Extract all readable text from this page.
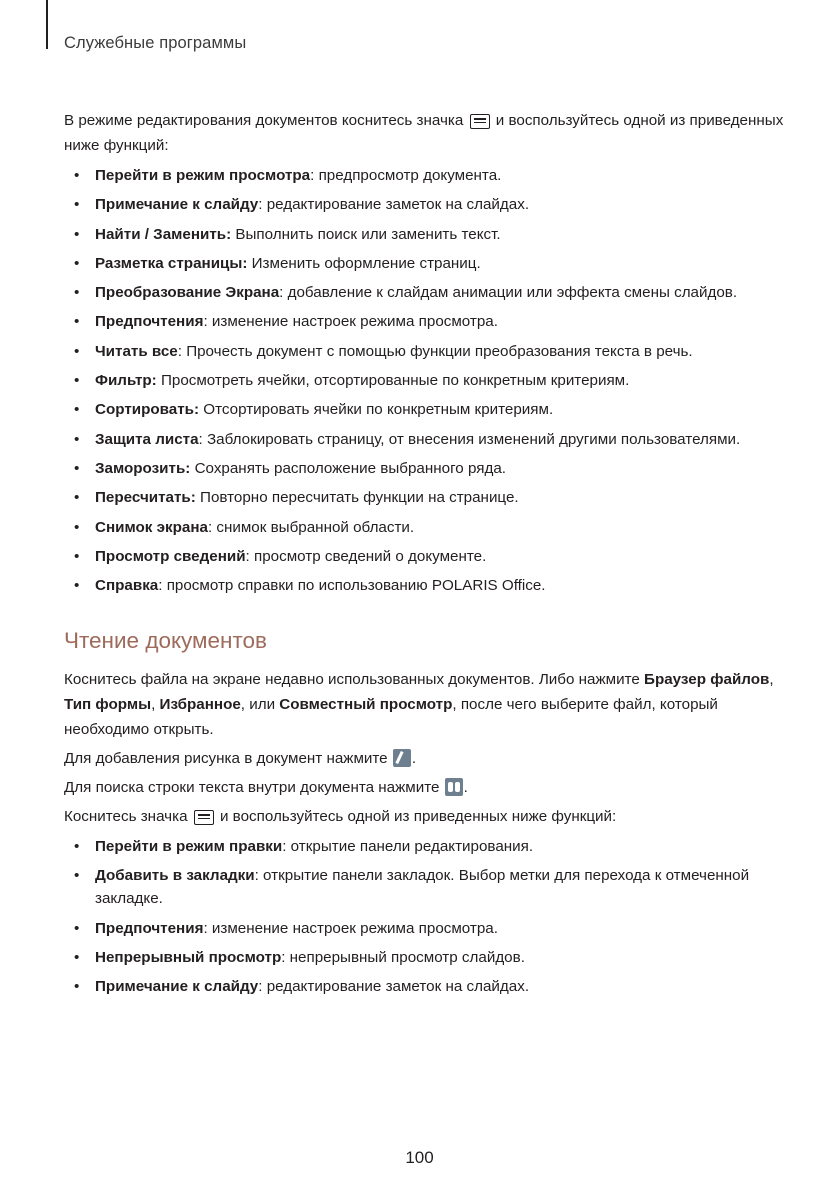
Служебные программы

В режиме редактирования документов коснитесь значка
и воспользуйтесь одной из приведенных ниже функций:

• Перейти в режим просмотра: предпросмотр документа.
• Примечание к слайду: редактирование заметок на слайдах.
• Найти / Заменить: Выполнить поиск или заменить текст.
• Разметка страницы: Изменить оформление страниц.
• Преобразование Экрана: добавление к слайдам анимации или эффекта смены слайдов.
• Предпочтения: изменение настроек режима просмотра.
• Читать все: Прочесть документ с помощью функции преобразования текста в речь.
• Фильтр: Просмотреть ячейки, отсортированные по конкретным критериям.
• Сортировать: Отсортировать ячейки по конкретным критериям.
• Защита листа: Заблокировать страницу, от внесения изменений другими пользователями.
• Заморозить: Сохранять расположение выбранного ряда.
• Пересчитать: Повторно пересчитать функции на странице.
• Снимок экрана: снимок выбранной области.
• Просмотр сведений: просмотр сведений о документе.
• Справка: просмотр справки по использованию POLARIS Office.
Чтение документов

Коснитесь файла на экране недавно использованных документов. Либо нажмите Браузер файлов, Тип формы, Избранное, или Совместный просмотр, после чего выберите файл, который необходимо открыть.

Для добавления рисунка в документ нажмите .

Для поиска строки текста внутри документа нажмите
.

Коснитесь значка
и воспользуйтесь одной из приведенных ниже функций:

• Перейти в режим правки: открытие панели редактирования.
• Добавить в закладки: открытие панели закладок. Выбор метки для перехода к отмеченной закладке.
• Предпочтения: изменение настроек режима просмотра.
• Непрерывный просмотр: непрерывный просмотр слайдов.
• Примечание к слайду: редактирование заметок на слайдах.
100
